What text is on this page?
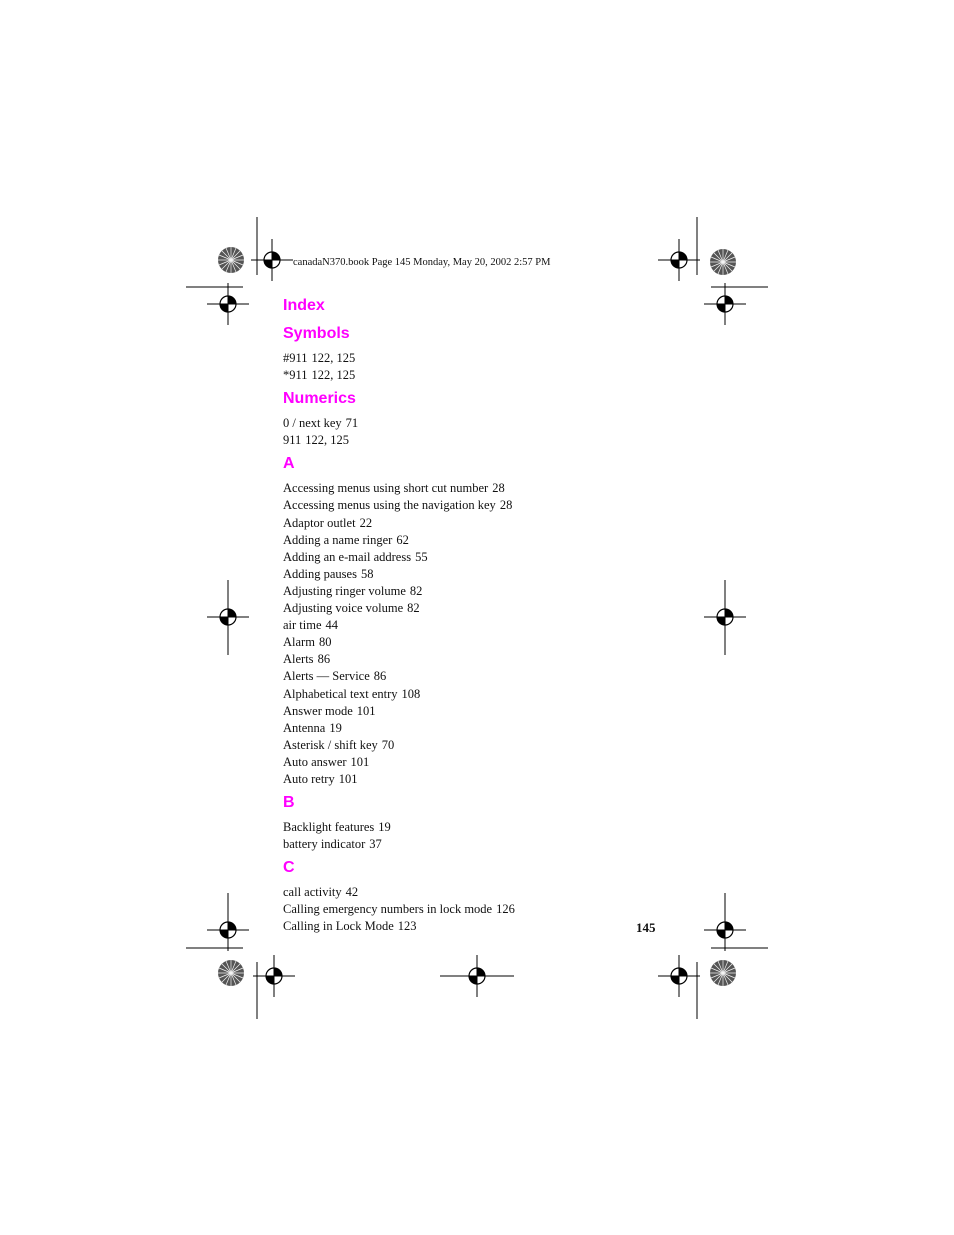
canadaN370.book Page 145 Monday, May 20, 2002 2:57 PM
Index
Symbols
#911 122, 125
*911 122, 125
Numerics
0 / next key 71
911 122, 125
A
Accessing menus using short cut number 28
Accessing menus using the navigation key 28
Adaptor outlet 22
Adding a name ringer 62
Adding an e-mail address 55
Adding pauses 58
Adjusting ringer volume 82
Adjusting voice volume 82
air time 44
Alarm 80
Alerts 86
Alerts — Service 86
Alphabetical text entry 108
Answer mode 101
Antenna 19
Asterisk / shift key 70
Auto answer 101
Auto retry 101
B
Backlight features 19
battery indicator 37
C
call activity 42
Calling emergency numbers in lock mode 126
Calling in Lock Mode 123	145
